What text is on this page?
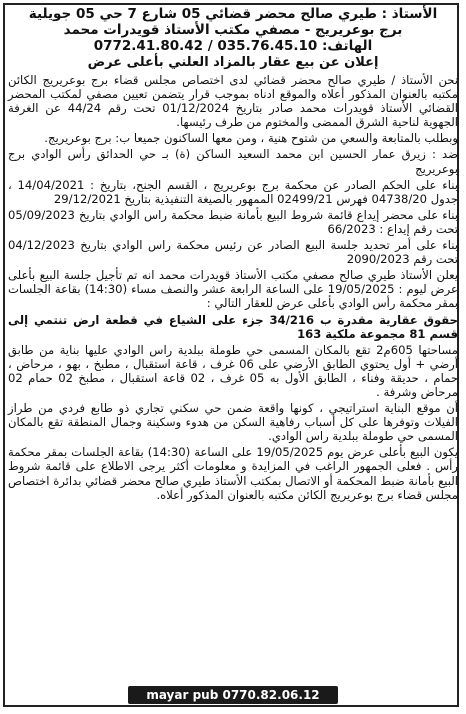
الأستاذ : طيري صالح محضر قضائي 05 شارع 7 حي 05 جويلية
برج بوعريريج - مصفي مكتب الأستاذ قويدرات محمد
الهاتف: 035.76.45.10 / 0772.41.80.42
إعلان عن بيع عقار بالمزاد العلني بأعلى عرض

نحن الأستاذ / طيري صالح محضر قضائي لدى اختصاص مجلس قضاء برج بوعريريج الكائن مكتبه بالعنوان المذكور أعلاه والموقع ادناه بموجب قرار يتضمن تعيين مصفي لمكتب المحضر القضائي الأستاذ قويدرات محمد صادر بتاريخ 01/12/2024 تحت رقم 44/24 عن الغرفة الجهوية لناحية الشرق الممضى والمختوم من طرف رئيسها.

وبطلب بالمتابعة والسعي من شتوح هنية ، ومن معها الساكنون جميعا ب: برج بوعريريج.

ضد : زيرق عمار الحسين ابن محمد السعيد الساكن (ة) بـ حي الحدائق رأس الوادي برج بوعريريج

بناء على الحكم الصادر عن محكمة برج بوعريريج ، القسم الجنح، بتاريخ : 14/04/2021 ، جدول 04738/20 فهرس 02499/21 الممهور بالصيغة التنفيذية بتاريخ 29/12/2021

بناء على محضر إيداع قائمة شروط البيع بأمانة ضبط محكمة راس الوادي بتاريخ 05/09/2023 تحت رقم إيداع : 66/2023

بناء على أمر تحديد جلسة البيع الصادر عن رئيس محكمة راس الوادي بتاريخ 04/12/2023 تحت رقم 2090/2023

يعلن الأستاذ طيري صالح مصفي مكتب الأستاذ قويدرات محمد انه تم تأجيل جلسة البيع بأعلى عرض ليوم : 19/05/2025 على الساعة الرابعة عشر والنصف مساء (14:30) بقاعة الجلسات بمقر محكمة رأس الوادي بأعلى عرض للعقار التالي :

حقوق عقارية مقدرة ب 34/216 جزء على الشياع في قطعة ارض تنتمي إلى قسم 81 مجموعة ملكية 163

مساحتها 605م2 تقع بالمكان المسمى حي طوملة ببلدية راس الوادي عليها بناية من طابق أرضي + أول يحتوي الطابق الأرضي على 06 غرف ، قاعة استقبال ، مطبخ ، بهو ، مرحاض ، حمام ، حديقة وفناء ، الطابق الأول به 05 غرف ، 02 قاعة استقبال ، مطبخ 02 حمام 02 مرحاض وشرفة .

أن موقع البناية استراتيجي ، كونها واقعة ضمن حي سكني تجاري ذو طابع فردي من طراز الفيلات وتوفرها على كل أسباب رفاهية السكن من هدوء وسكينة وجمال المنطقة تقع بالمكان المسمى حي طوملة ببلدية راس الوادي.

يكون البيع بأعلى عرض يوم 19/05/2025 على الساعة (14:30) بقاعة الجلسات بمقر محكمة رأس . فعلى الجمهور الراغب في المزايدة و معلومات أكثر يرجى الاطلاع على قائمة شروط البيع بأمانة ضبط المحكمة أو الاتصال بمكتب الأستاذ طيري صالح محضر قضائي بدائرة اختصاص مجلس قضاء برج بوعريريج الكائن مكتبه بالعنوان المذكور أعلاه.

mayar pub 0770.82.06.12
